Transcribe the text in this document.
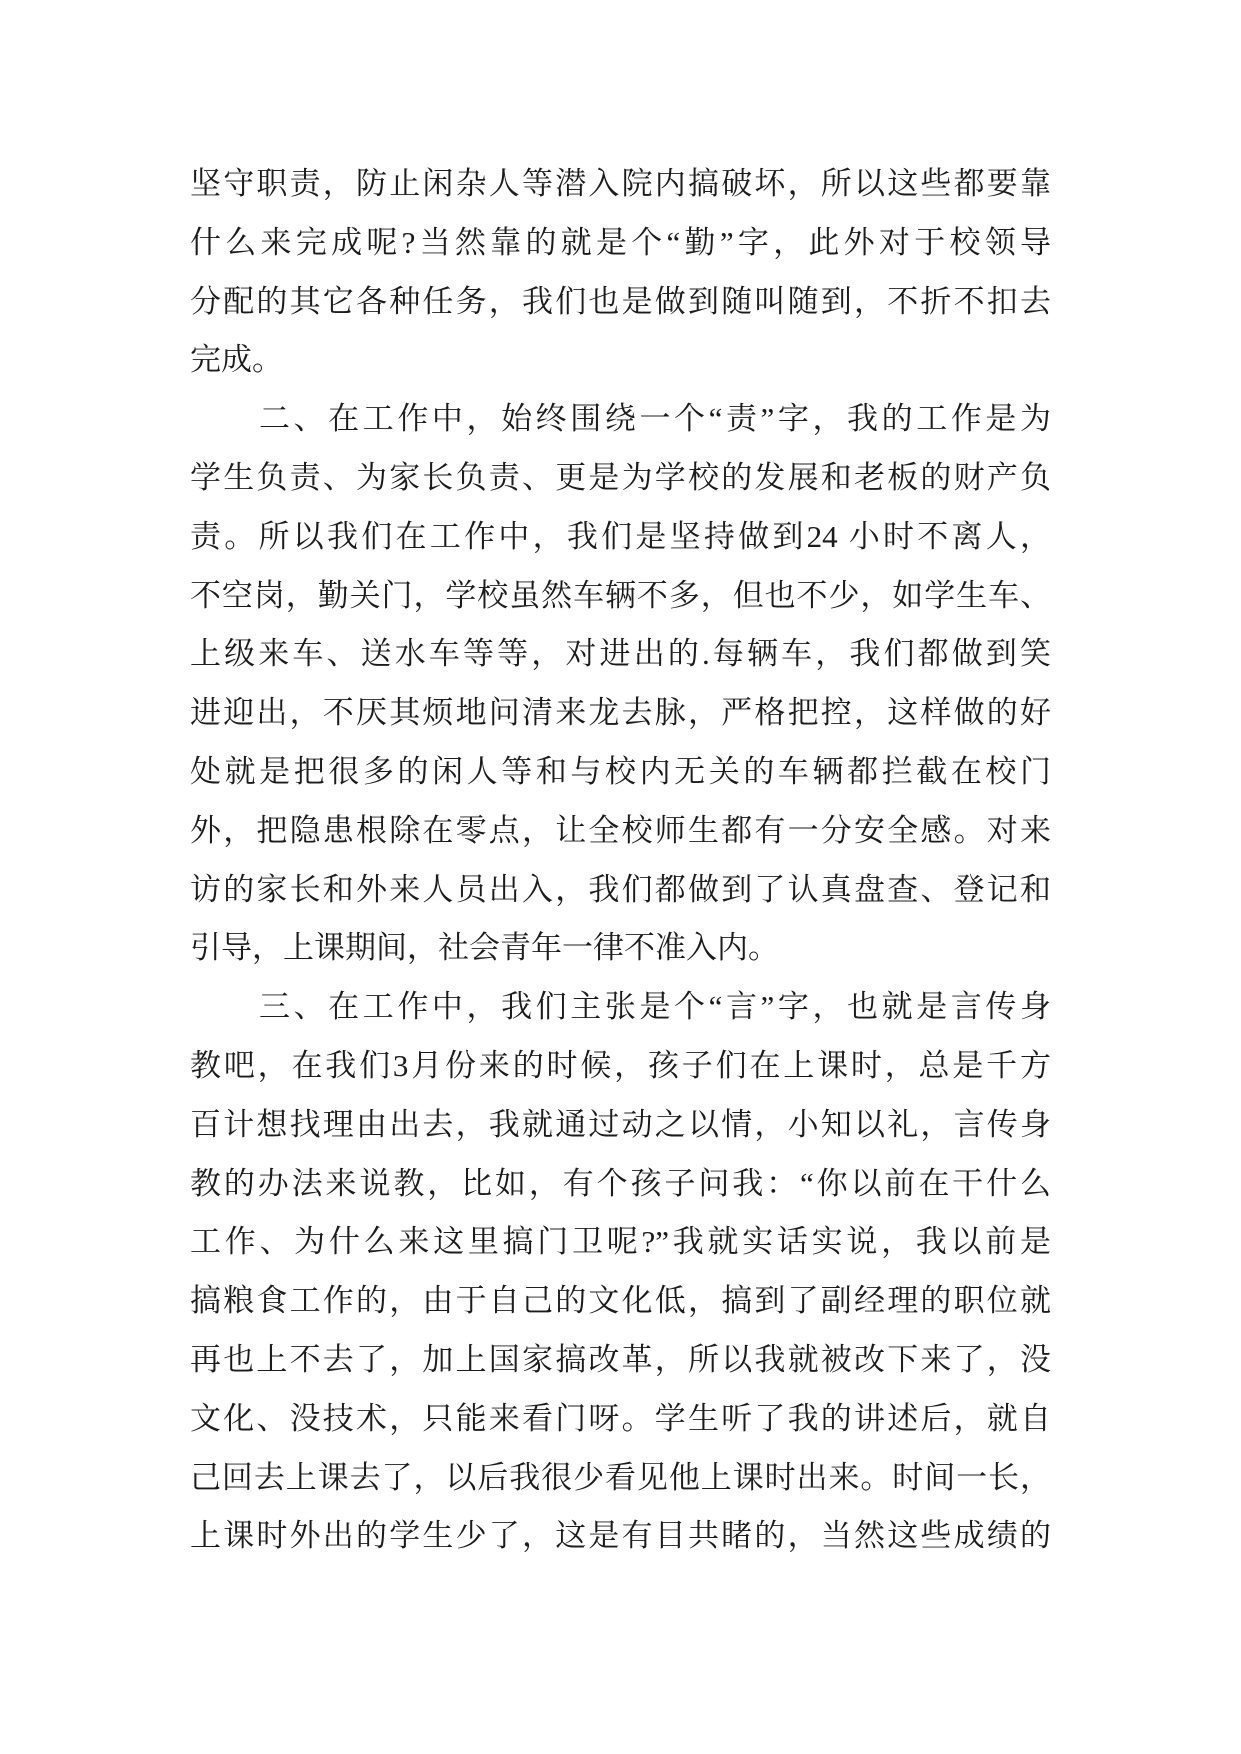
坚守职责，防止闲杂人等潜入院内搞破坏，所以这些都要靠
什么来完成呢?当然靠的就是个“勤”字，此外对于校领导
分配的其它各种任务，我们也是做到随叫随到，不折不扣去
完成。
二、在工作中，始终围绕一个“责”字，我的工作是为
学生负责、为家长负责、更是为学校的发展和老板的财产负
责。所以我们在工作中，我们是坚持做到24 小时不离人，
不空岗，勤关门，学校虽然车辆不多，但也不少，如学生车、
上级来车、送水车等等，对进出的.每辆车，我们都做到笑
进迎出，不厌其烦地问清来龙去脉，严格把控，这样做的好
处就是把很多的闲人等和与校内无关的车辆都拦截在校门
外，把隐患根除在零点，让全校师生都有一分安全感。对来
访的家长和外来人员出入，我们都做到了认真盘查、登记和
引导，上课期间，社会青年一律不准入内。
三、在工作中，我们主张是个“言”字，也就是言传身
教吧，在我们3月份来的时候，孩子们在上课时，总是千方
百计想找理由出去，我就通过动之以情，小知以礼，言传身
教的办法来说教，比如，有个孩子问我：“你以前在干什么
工作、为什么来这里搞门卫呢?”我就实话实说，我以前是
搞粮食工作的，由于自己的文化低，搞到了副经理的职位就
再也上不去了，加上国家搞改革，所以我就被改下来了，没
文化、没技术，只能来看门呀。学生听了我的讲述后，就自
己回去上课去了，以后我很少看见他上课时出来。时间一长，
上课时外出的学生少了，这是有目共睹的，当然这些成绩的
